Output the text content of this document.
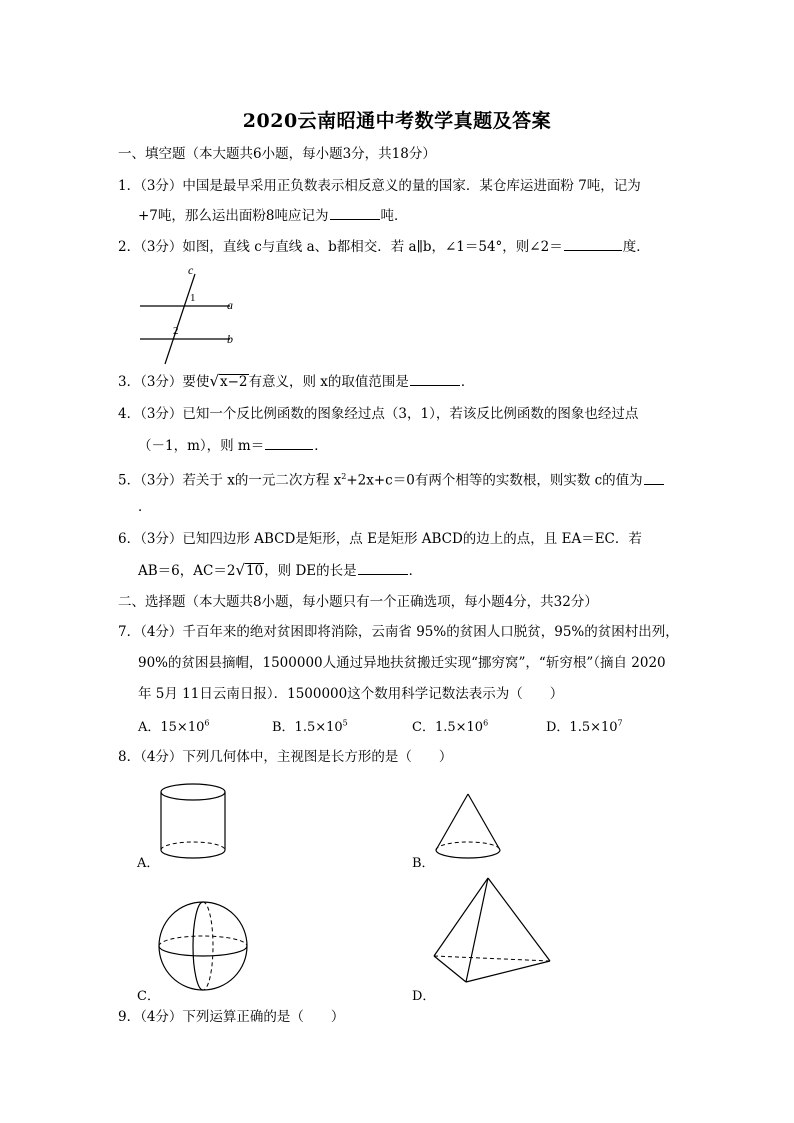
2020云南昭通中考数学真题及答案
一、填空题（本大题共6小题，每小题3分，共18分）
1．（3分）中国是最早采用正负数表示相反意义的量的国家．某仓库运进面粉 7吨，记为
+7吨，那么运出面粉8吨应记为	吨．
2．（3分）如图，直线 c与直线 a、b都相交．若 a∥b，∠1＝54°，则∠2＝	度．
c
a
b
1
2
3．（3分）要使√x−2有意义，则 x的取值范围是	．
4．（3分）已知一个反比例函数的图象经过点（3，1），若该反比例函数的图象也经过点
（－1，m），则 m＝	．
5．（3分）若关于 x的一元二次方程 $x^2+2x+c=0$有两个相等的实数根，则实数 c的值为
．
6．（3分）已知四边形 ABCD是矩形，点 E是矩形 ABCD的边上的点，且 EA＝EC．若
AB＝6，AC＝2√10，则 DE的长是	．
二、选择题（本大题共8小题，每小题只有一个正确选项，每小题4分，共32分）
7．（4分）千百年来的绝对贫困即将消除，云南省 95%的贫困人口脱贫，95%的贫困村出列，
90%的贫困县摘帽，1500000人通过异地扶贫搬迁实现“挪穷窝”，“斩穷根”（摘自 2020
年 5月 11日云南日报）．1500000这个数用科学记数法表示为（　　）
A．$15\times 10^6$	B．$1.5\times 10^5$	C．$1.5\times 10^6$	D．$1.5\times 10^7$
8．（4分）下列几何体中，主视图是长方形的是（　　）
A．	B．
C．	D．
9．（4分）下列运算正确的是（　　）
